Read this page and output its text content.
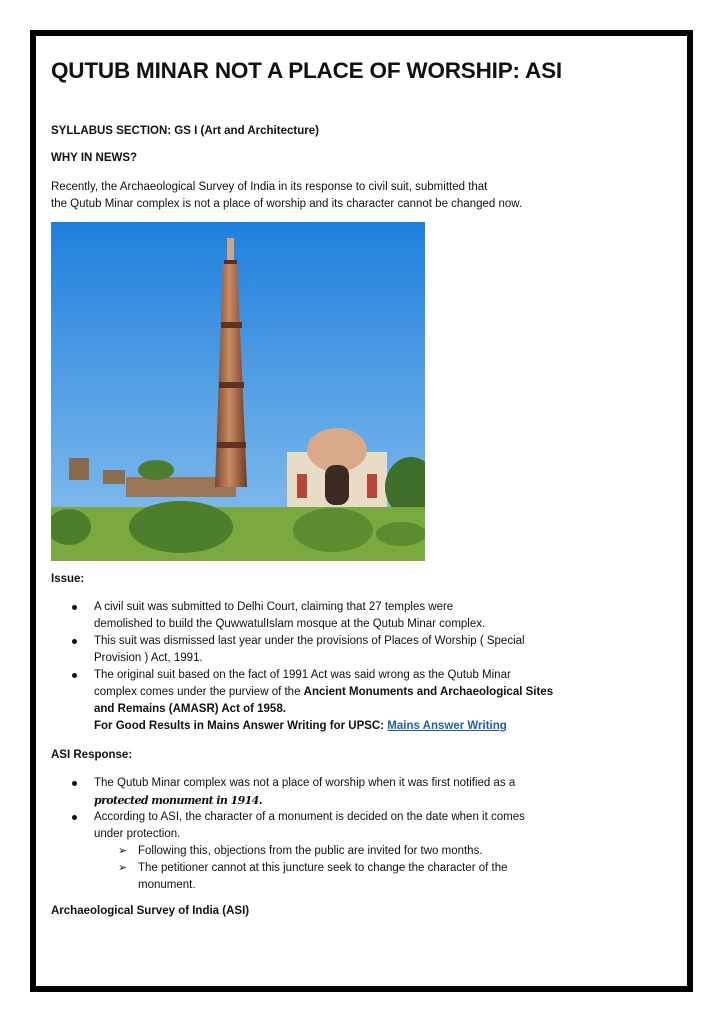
QUTUB MINAR NOT A PLACE OF WORSHIP: ASI
SYLLABUS SECTION: GS I (Art and Architecture)
WHY IN NEWS?
Recently, the Archaeological Survey of India in its response to civil suit, submitted that
the Qutub Minar complex is not a place of worship and its character cannot be changed now.
Issue:
A civil suit was submitted to Delhi Court, claiming that 27 temples were
demolished to build the QuwwatulIslam mosque at the Qutub Minar complex.
This suit was dismissed last year under the provisions of Places of Worship ( Special
Provision ) Act, 1991.
The original suit based on the fact of 1991 Act was said wrong as the Qutub Minar
complex comes under the purview of the Ancient Monuments and Archaeological Sites
and Remains (AMASR) Act of 1958.
For Good Results in Mains Answer Writing for UPSC: Mains Answer Writing
ASI Response:
The Qutub Minar complex was not a place of worship when it was first notified as a
protected monument in 1914.
According to ASI, the character of a monument is decided on the date when it comes
under protection.
➢ Following this, objections from the public are invited for two months.
➢ The petitioner cannot at this juncture seek to change the character of the
monument.
Archaeological Survey of India (ASI)
